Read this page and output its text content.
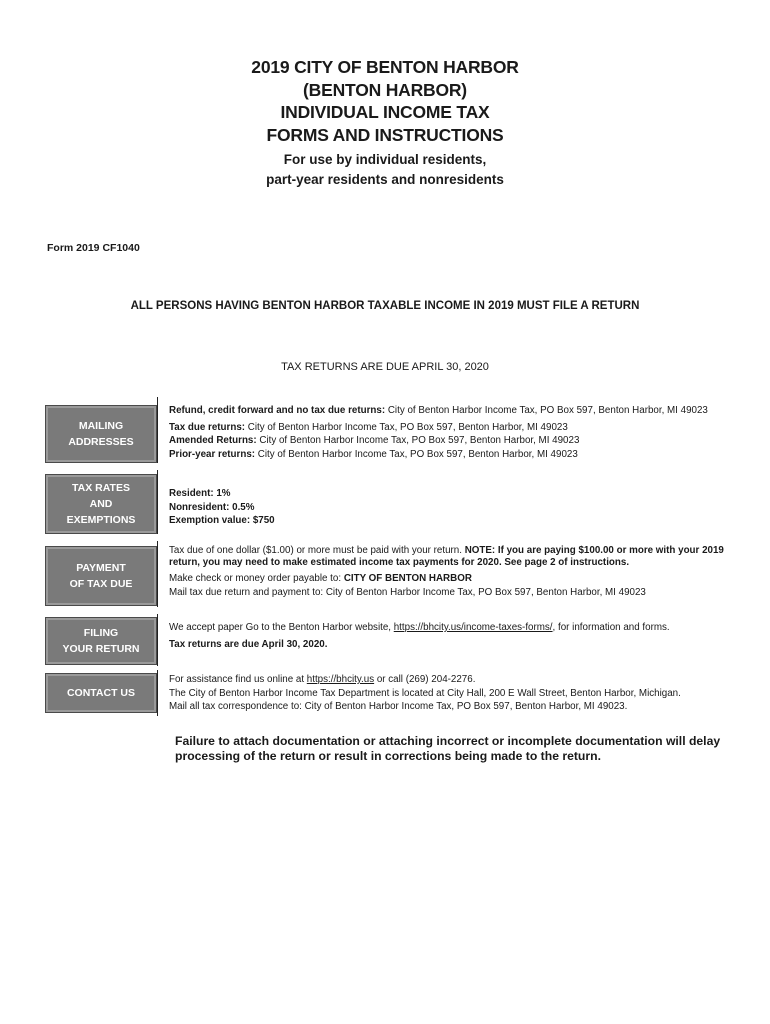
2019 CITY OF BENTON HARBOR
(BENTON HARBOR)
INDIVIDUAL INCOME TAX
FORMS AND INSTRUCTIONS
For use by individual residents,
part-year residents and nonresidents
Form 2019 CF1040
ALL PERSONS HAVING BENTON HARBOR TAXABLE INCOME IN 2019 MUST FILE A RETURN
TAX RETURNS ARE DUE APRIL 30, 2020
MAILING
ADDRESSES

Refund, credit forward and no tax due returns: City of Benton Harbor Income Tax, PO Box 597, Benton Harbor, MI 49023

Tax due returns: City of Benton Harbor Income Tax, PO Box 597, Benton Harbor, MI 49023

Amended Returns: City of Benton Harbor Income Tax, PO Box 597, Benton Harbor, MI 49023

Prior-year returns: City of Benton Harbor Income Tax, PO Box 597, Benton Harbor, MI 49023

TAX RATES
AND
EXEMPTIONS

Resident: 1%

Nonresident: 0.5%

Exemption value: $750

PAYMENT
OF TAX DUE

Tax due of one dollar ($1.00) or more must be paid with your return. NOTE: If you are paying $100.00 or more with your 2019 return, you may need to make estimated income tax payments for 2020. See page 2 of instructions.

Make check or money order payable to: CITY OF BENTON HARBOR

Mail tax due return and payment to: City of Benton Harbor Income Tax, PO Box 597, Benton Harbor, MI 49023

FILING
YOUR RETURN

We accept paper Go to the Benton Harbor website, https://bhcity.us/income-taxes-forms/, for information and forms.

Tax returns are due April 30, 2020.

CONTACT US

For assistance find us online at https://bhcity.us or call (269) 204-2276.

The City of Benton Harbor Income Tax Department is located at City Hall, 200 E Wall Street, Benton Harbor, Michigan.

Mail all tax correspondence to: City of Benton Harbor Income Tax, PO Box 597, Benton Harbor, MI 49023.

Failure to attach documentation or attaching incorrect or incomplete documentation will delay processing of the return or result in corrections being made to the return.
